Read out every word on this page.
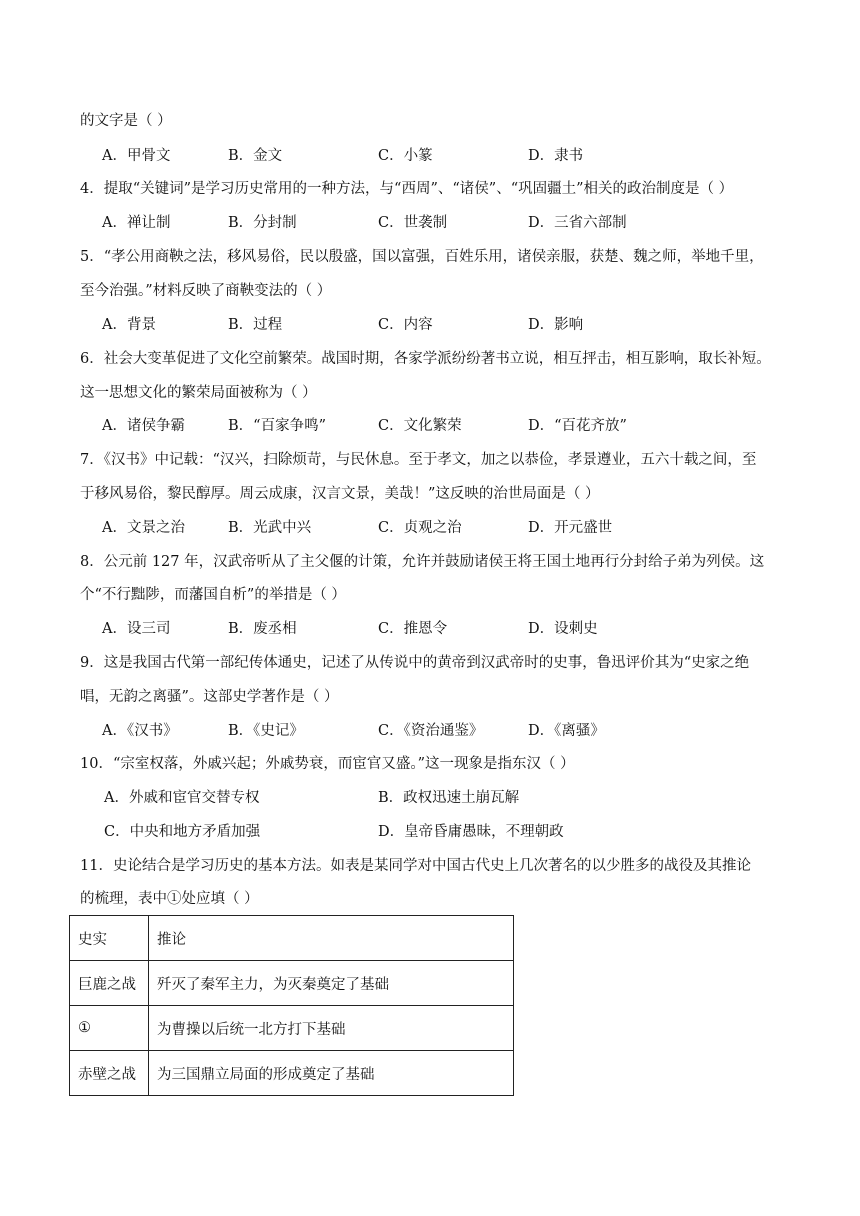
的文字是（ ）
A．甲骨文	B．金文	C．小篆	D．隶书
4．提取“关键词”是学习历史常用的一种方法，与“西周”、“诸侯”、“巩固疆土”相关的政治制度是（ ）
A．禅让制	B．分封制	C．世袭制	D．三省六部制
5．“孝公用商鞅之法，移风易俗，民以殷盛，国以富强，百姓乐用，诸侯亲服，获楚、魏之师，举地千里，
至今治强。”材料反映了商鞅变法的（ ）
A．背景	B．过程	C．内容	D．影响
6．社会大变革促进了文化空前繁荣。战国时期，各家学派纷纷著书立说，相互抨击，相互影响，取长补短。
这一思想文化的繁荣局面被称为（ ）
A．诸侯争霸	B．“百家争鸣”	C．文化繁荣	D．“百花齐放”
7．《汉书》中记载：“汉兴，扫除烦苛，与民休息。至于孝文，加之以恭俭，孝景遵业，五六十载之间，至
于移风易俗，黎民醇厚。周云成康，汉言文景，美哉！”这反映的治世局面是（ ）
A．文景之治	B．光武中兴	C．贞观之治	D．开元盛世
8．公元前 127 年，汉武帝听从了主父偃的计策，允许并鼓励诸侯王将王国土地再行分封给子弟为列侯。这
个“不行黜陟，而藩国自析”的举措是（ ）
A．设三司	B．废丞相	C．推恩令	D．设刺史
9．这是我国古代第一部纪传体通史，记述了从传说中的黄帝到汉武帝时的史事，鲁迅评价其为“史家之绝
唱，无韵之离骚”。这部史学著作是（ ）
A．《汉书》	B．《史记》	C．《资治通鉴》	D．《离骚》
10．“宗室权落，外戚兴起；外戚势衰，而宦官又盛。”这一现象是指东汉（ ）
A．外戚和宦官交替专权	B．政权迅速土崩瓦解
C．中央和地方矛盾加强	D．皇帝昏庸愚昧，不理朝政
11．史论结合是学习历史的基本方法。如表是某同学对中国古代史上几次著名的以少胜多的战役及其推论
的梳理，表中①处应填（ ）
史实	推论
巨鹿之战	歼灭了秦军主力，为灭秦奠定了基础
①	为曹操以后统一北方打下基础
赤壁之战	为三国鼎立局面的形成奠定了基础
